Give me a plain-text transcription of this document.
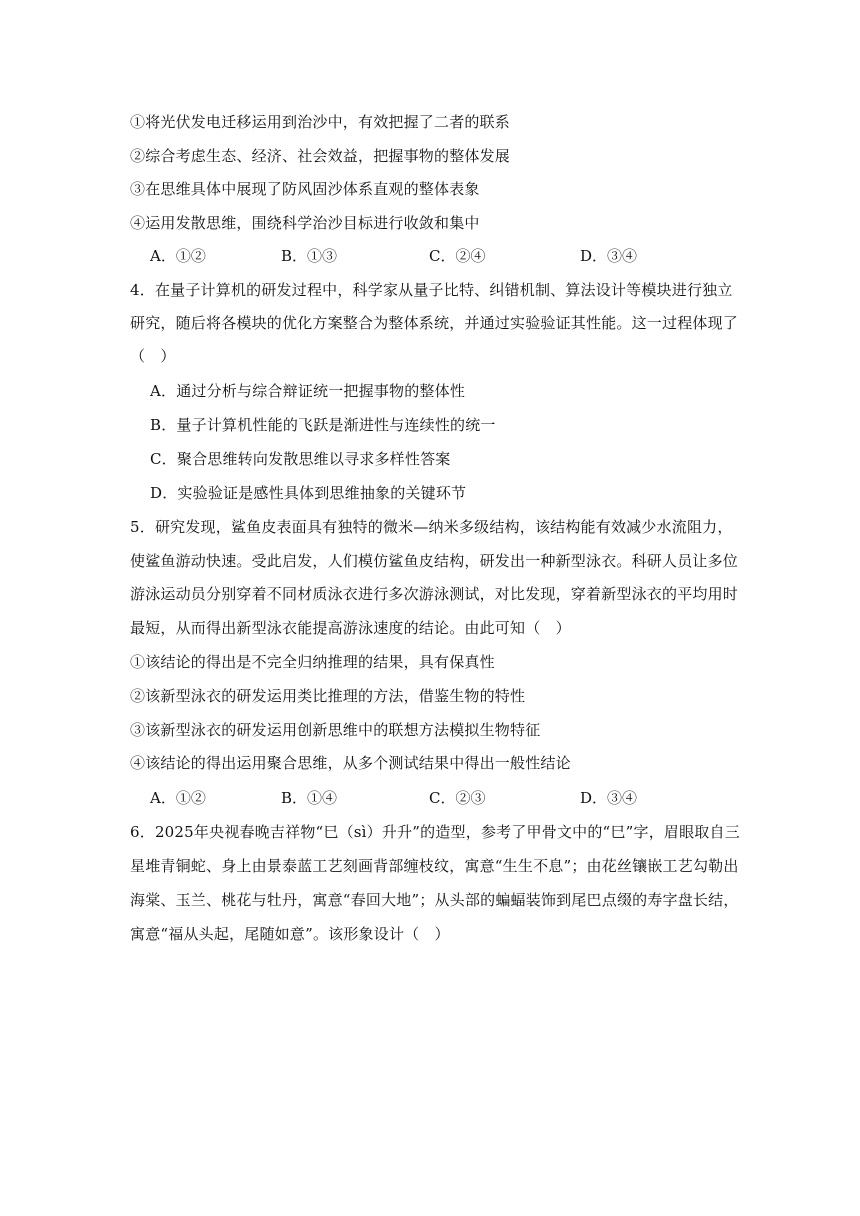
①将光伏发电迁移运用到治沙中，有效把握了二者的联系
②综合考虑生态、经济、社会效益，把握事物的整体发展
③在思维具体中展现了防风固沙体系直观的整体表象
④运用发散思维，围绕科学治沙目标进行收敛和集中
A．①②	B．①③	C．②④	D．③④
4．在量子计算机的研发过程中，科学家从量子比特、纠错机制、算法设计等模块进行独立
研究，随后将各模块的优化方案整合为整体系统，并通过实验验证其性能。这一过程体现了
（　）
A．通过分析与综合辩证统一把握事物的整体性
B．量子计算机性能的飞跃是渐进性与连续性的统一
C．聚合思维转向发散思维以寻求多样性答案
D．实验验证是感性具体到思维抽象的关键环节
5．研究发现，鲨鱼皮表面具有独特的微米—纳米多级结构，该结构能有效减少水流阻力，
使鲨鱼游动快速。受此启发，人们模仿鲨鱼皮结构，研发出一种新型泳衣。科研人员让多位
游泳运动员分别穿着不同材质泳衣进行多次游泳测试，对比发现，穿着新型泳衣的平均用时
最短，从而得出新型泳衣能提高游泳速度的结论。由此可知（　）
①该结论的得出是不完全归纳推理的结果，具有保真性
②该新型泳衣的研发运用类比推理的方法，借鉴生物的特性
③该新型泳衣的研发运用创新思维中的联想方法模拟生物特征
④该结论的得出运用聚合思维，从多个测试结果中得出一般性结论
A．①②	B．①④	C．②③	D．③④
6．2025年央视春晚吉祥物“巳（sì）升升”的造型，参考了甲骨文中的“巳”字，眉眼取自三
星堆青铜蛇、身上由景泰蓝工艺刻画背部缠枝纹，寓意“生生不息”；由花丝镶嵌工艺勾勒出
海棠、玉兰、桃花与牡丹，寓意“春回大地”；从头部的蝙蝠装饰到尾巴点缀的寿字盘长结，
寓意“福从头起，尾随如意”。该形象设计（　）
